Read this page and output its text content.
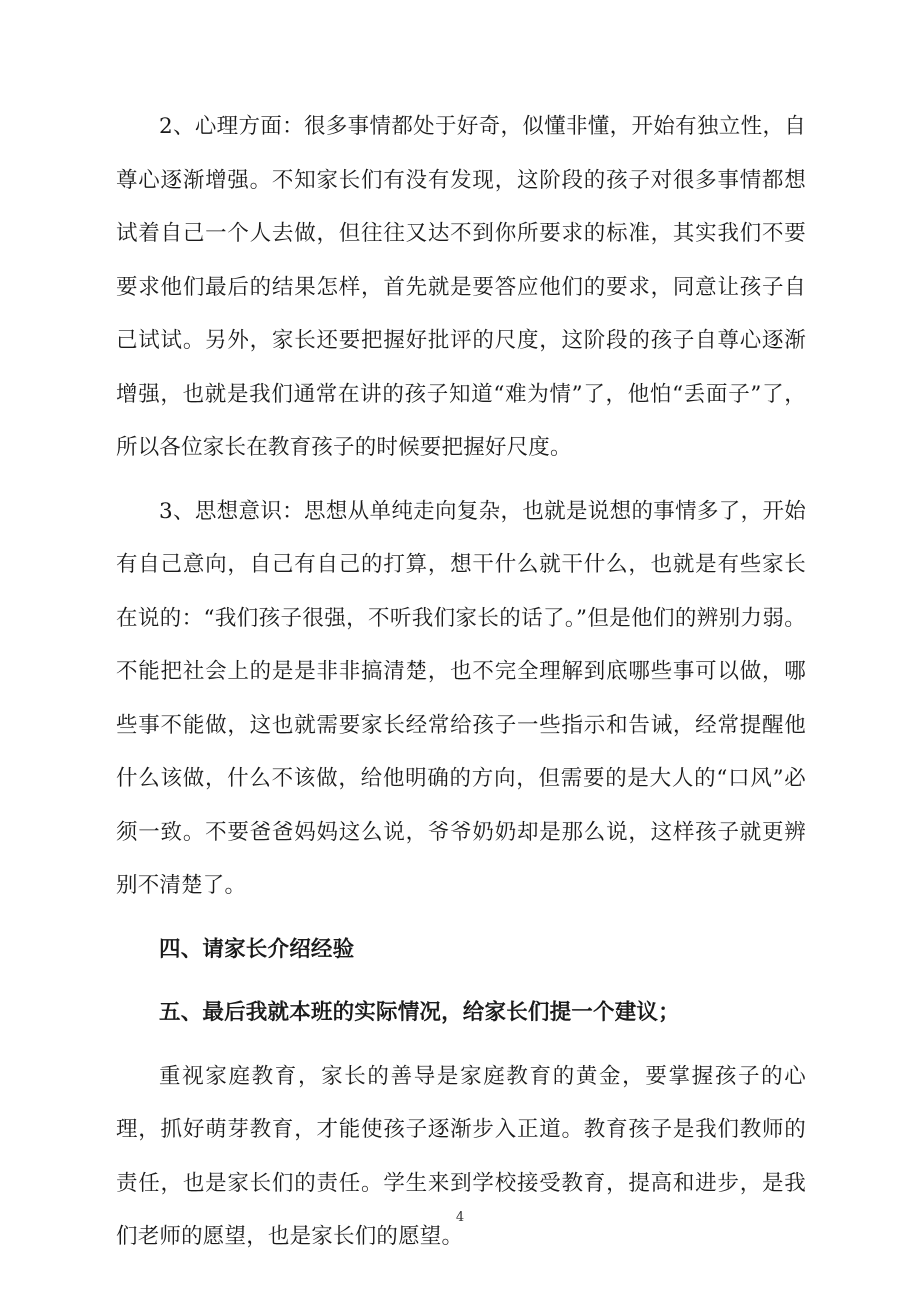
2、心理方面：很多事情都处于好奇，似懂非懂，开始有独立性，自尊心逐渐增强。不知家长们有没有发现，这阶段的孩子对很多事情都想试着自己一个人去做，但往往又达不到你所要求的标准，其实我们不要要求他们最后的结果怎样，首先就是要答应他们的要求，同意让孩子自己试试。另外，家长还要把握好批评的尺度，这阶段的孩子自尊心逐渐增强，也就是我们通常在讲的孩子知道“难为情”了，他怕“丢面子”了，所以各位家长在教育孩子的时候要把握好尺度。

3、思想意识：思想从单纯走向复杂，也就是说想的事情多了，开始有自己意向，自己有自己的打算，想干什么就干什么，也就是有些家长在说的：“我们孩子很强，不听我们家长的话了。”但是他们的辨别力弱。不能把社会上的是是非非搞清楚，也不完全理解到底哪些事可以做，哪些事不能做，这也就需要家长经常给孩子一些指示和告诫，经常提醒他什么该做，什么不该做，给他明确的方向，但需要的是大人的“口风”必须一致。不要爸爸妈妈这么说，爷爷奶奶却是那么说，这样孩子就更辨别不清楚了。

四、请家长介绍经验

五、最后我就本班的实际情况，给家长们提一个建议；

重视家庭教育，家长的善导是家庭教育的黄金，要掌握孩子的心理，抓好萌芽教育，才能使孩子逐渐步入正道。教育孩子是我们教师的责任，也是家长们的责任。学生来到学校接受教育，提高和进步，是我们老师的愿望，也是家长们的愿望。

4
